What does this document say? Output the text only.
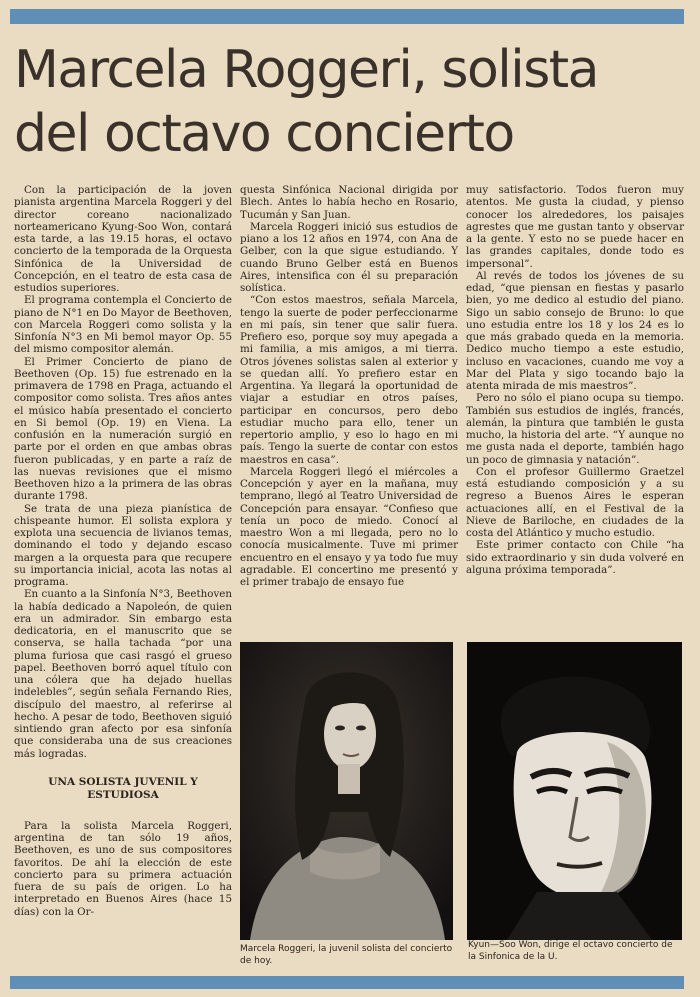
Marcela Roggeri, solista
del octavo concierto

Con la participación de la joven pianista argentina Marcela Roggeri y del director coreano nacionalizado norteamericano Kyung-Soo Won, contará esta tarde, a las 19.15 horas, el octavo concierto de la temporada de la Orquesta Sinfónica de la Universidad de Concepción, en el teatro de esta casa de estudios superiores.

El programa contempla el Concierto de piano de N°1 en Do Mayor de Beethoven, con Marcela Roggeri como solista y la Sinfonía N°3 en Mi bemol mayor Op. 55 del mismo compositor alemán.

El Primer Concierto de piano de Beethoven (Op. 15) fue estrenado en la primavera de 1798 en Praga, actuando el compositor como solista. Tres años antes el músico había presentado el concierto en Si bemol (Op. 19) en Viena. La confusión en la numeración surgió en parte por el orden en que ambas obras fueron publicadas, y en parte a raíz de las nuevas revisiones que el mismo Beethoven hizo a la primera de las obras durante 1798.

Se trata de una pieza pianística de chispeante humor. El solista explora y explota una secuencia de livianos temas, dominando el todo y dejando escaso margen a la orquesta para que recupere su importancia inicial, acota las notas al programa.

En cuanto a la Sinfonía N°3, Beethoven la había dedicado a Napoleón, de quien era un admirador. Sin embargo esta dedicatoria, en el manuscrito que se conserva, se halla tachada “por una pluma furiosa que casi rasgó el grueso papel. Beethoven borró aquel título con una cólera que ha dejado huellas indelebles”, según señala Fernando Ries, discípulo del maestro, al referirse al hecho. A pesar de todo, Beethoven siguió sintiendo gran afecto por esa sinfonía que consideraba una de sus creaciones más logradas.

UNA SOLISTA JUVENIL Y ESTUDIOSA

Para la solista Marcela Roggeri, argentina de tan sólo 19 años, Beethoven, es uno de sus compositores favoritos. De ahí la elección de este concierto para su primera actuación fuera de su país de origen. Lo ha interpretado en Buenos Aires (hace 15 días) con la Or-

questa Sinfónica Nacional dirigida por Blech. Antes lo había hecho en Rosario, Tucumán y San Juan.

Marcela Roggeri inició sus estudios de piano a los 12 años en 1974, con Ana de Gelber, con la que sigue estudiando. Y cuando Bruno Gelber está en Buenos Aires, intensifica con él su preparación solística.

“Con estos maestros, señala Marcela, tengo la suerte de poder perfeccionarme en mi país, sin tener que salir fuera. Prefiero eso, porque soy muy apegada a mi familia, a mis amigos, a mi tierra. Otros jóvenes solistas salen al exterior y se quedan allí. Yo prefiero estar en Argentina. Ya llegará la oportunidad de viajar a estudiar en otros países, participar en concursos, pero debo estudiar mucho para ello, tener un repertorio amplio, y eso lo hago en mi país. Tengo la suerte de contar con estos maestros en casa”.

Marcela Roggeri llegó el miércoles a Concepción y ayer en la mañana, muy temprano, llegó al Teatro Universidad de Concepción para ensayar. “Confieso que tenía un poco de miedo. Conocí al maestro Won a mi llegada, pero no lo conocía musicalmente. Tuve mi primer encuentro en el ensayo y ya todo fue muy agradable. El concertino me presentó y el primer trabajo de ensayo fue

muy satisfactorio. Todos fueron muy atentos. Me gusta la ciudad, y pienso conocer los alrededores, los paisajes agrestes que me gustan tanto y observar a la gente. Y esto no se puede hacer en las grandes capitales, donde todo es impersonal”.

Al revés de todos los jóvenes de su edad, “que piensan en fiestas y pasarlo bien, yo me dedico al estudio del piano. Sigo un sabio consejo de Bruno: lo que uno estudia entre los 18 y los 24 es lo que más grabado queda en la memoria. Dedico mucho tiempo a este estudio, incluso en vacaciones, cuando me voy a Mar del Plata y sigo tocando bajo la atenta mirada de mis maestros”.

Pero no sólo el piano ocupa su tiempo. También sus estudios de inglés, francés, alemán, la pintura que también le gusta mucho, la historia del arte. “Y aunque no me gusta nada el deporte, también hago un poco de gimnasia y natación”.

Con el profesor Guillermo Graetzel está estudiando composición y a su regreso a Buenos Aires le esperan actuaciones allí, en el Festival de la Nieve de Bariloche, en ciudades de la costa del Atlántico y mucho estudio.

Este primer contacto con Chile “ha sido extraordinario y sin duda volveré en alguna próxima temporada”.

Marcela Roggeri, la juvenil solista del concierto de hoy.
Kyun—Soo Won, dirige el octavo concierto de la Sinfonica de la U.
